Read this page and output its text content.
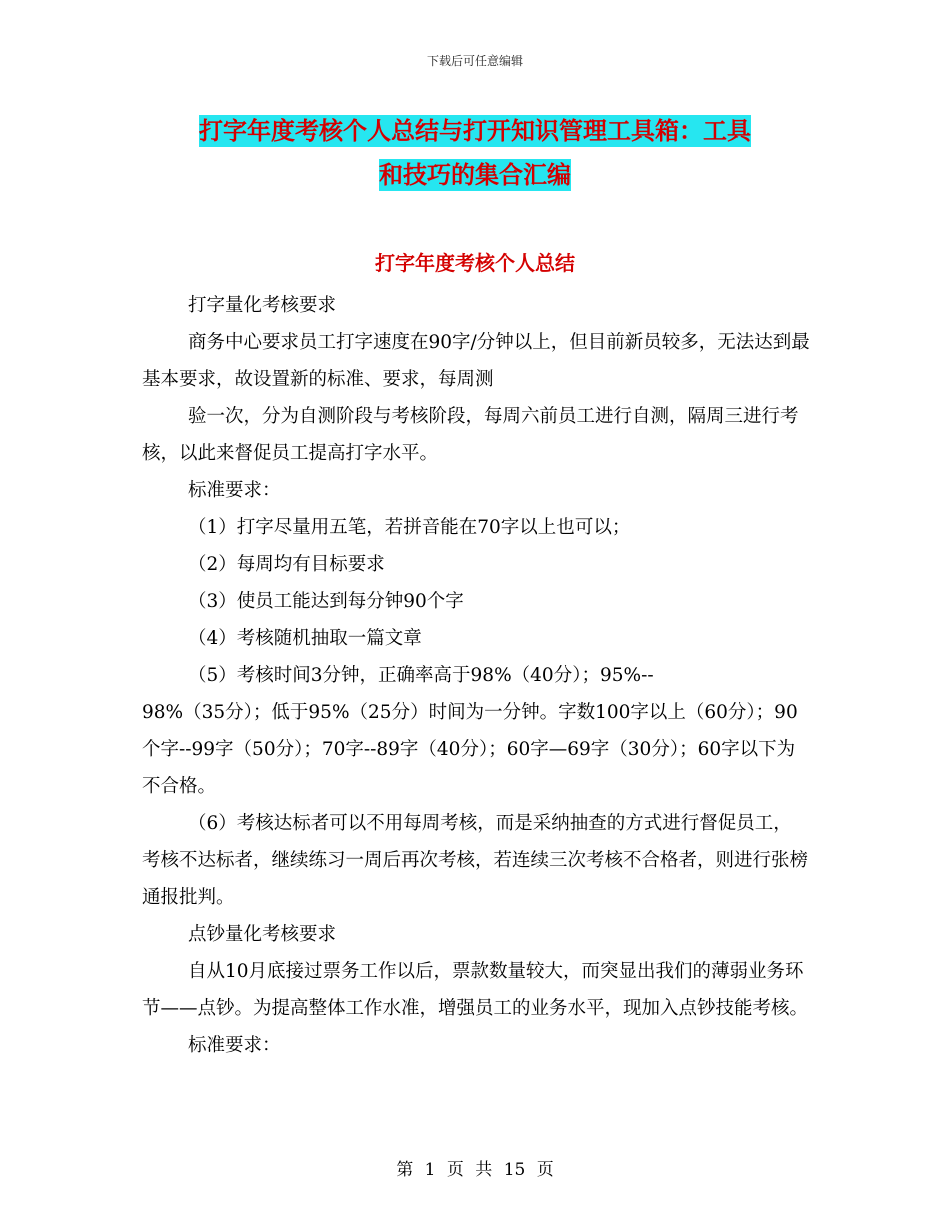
下载后可任意编辑
打字年度考核个人总结与打开知识管理工具箱：工具
和技巧的集合汇编
打字年度考核个人总结

打字量化考核要求

商务中心要求员工打字速度在90字/分钟以上，但目前新员较多，无法达到最基本要求，故设置新的标准、要求，每周测

验一次，分为自测阶段与考核阶段，每周六前员工进行自测，隔周三进行考核，以此来督促员工提高打字水平。

标准要求：

（1）打字尽量用五笔，若拼音能在70字以上也可以；

（2）每周均有目标要求

（3）使员工能达到每分钟90个字

（4）考核随机抽取一篇文章

（5）考核时间3分钟，正确率高于98%（40分）；95%--

98%（35分）；低于95%（25分）时间为一分钟。字数100字以上（60分）；90个字--99字（50分）；70字--89字（40分）；60字—69字（30分）；60字以下为不合格。

（6）考核达标者可以不用每周考核，而是采纳抽查的方式进行督促员工，考核不达标者，继续练习一周后再次考核，若连续三次考核不合格者，则进行张榜通报批判。

点钞量化考核要求

自从10月底接过票务工作以后，票款数量较大，而突显出我们的薄弱业务环节——点钞。为提高整体工作水准，增强员工的业务水平，现加入点钞技能考核。

标准要求：

第 1 页 共 15 页
